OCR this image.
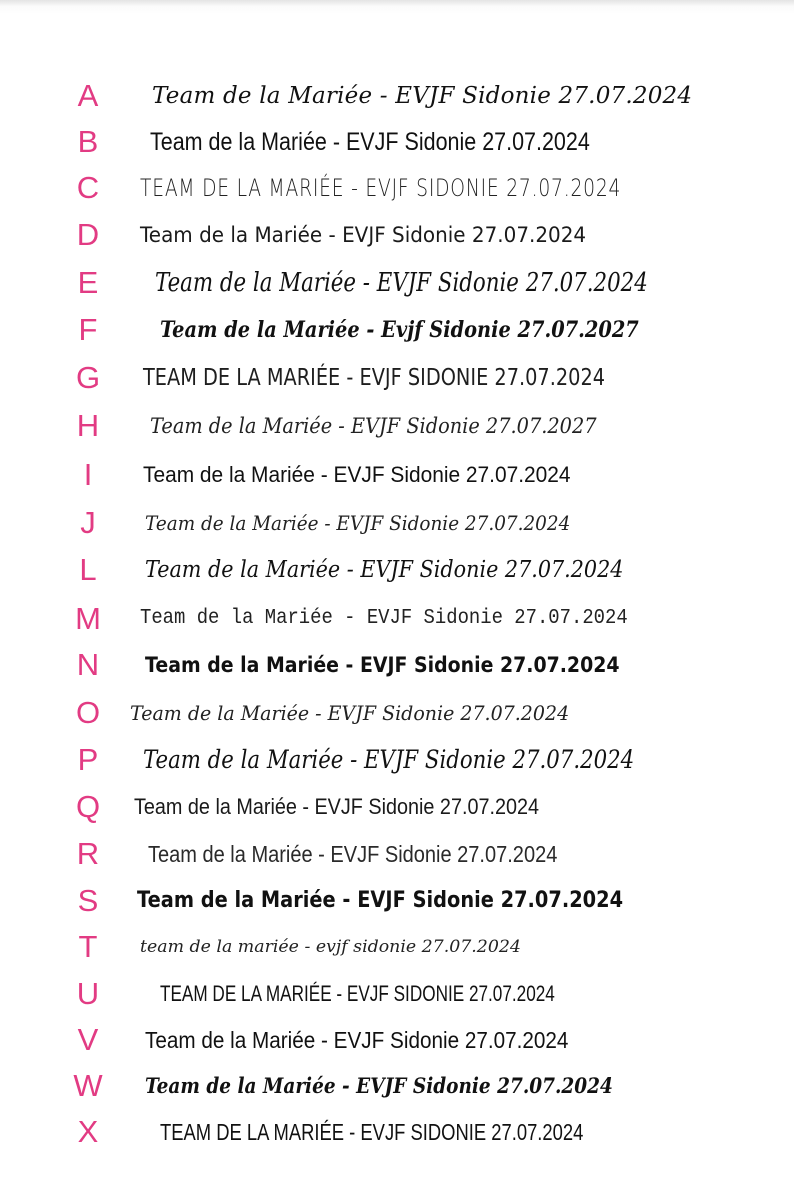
A	Team de la Mariée - EVJF Sidonie 27.07.2024
B	Team de la Mariée - EVJF Sidonie 27.07.2024
C	TEAM DE LA MARIÉE - EVJF SIDONIE 27.07.2024
D	Team de la Mariée - EVJF Sidonie 27.07.2024
E	Team de la Mariée - EVJF Sidonie 27.07.2024
F	Team de la Mariée - Evjf Sidonie 27.07.2027
G	TEAM DE LA MARIÉE - EVJF SIDONIE 27.07.2024
H	Team de la Mariée - EVJF Sidonie 27.07.2027
I	Team de la Mariée - EVJF Sidonie 27.07.2024
J	Team de la Mariée - EVJF Sidonie 27.07.2024
L	Team de la Mariée - EVJF Sidonie 27.07.2024
M	Team de la Mariée - EVJF Sidonie 27.07.2024
N	Team de la Mariée - EVJF Sidonie 27.07.2024
O	Team de la Mariée - EVJF Sidonie 27.07.2024
P	Team de la Mariée - EVJF Sidonie 27.07.2024
Q	Team de la Mariée - EVJF Sidonie 27.07.2024
R	Team de la Mariée - EVJF Sidonie 27.07.2024
S	Team de la Mariée - EVJF Sidonie 27.07.2024
T	team de la mariée - evjf sidonie 27.07.2024
U	TEAM DE LA MARIÉE - EVJF SIDONIE 27.07.2024
V	Team de la Mariée - EVJF Sidonie 27.07.2024
W	Team de la Mariée - EVJF Sidonie 27.07.2024
X	TEAM DE LA MARIÉE - EVJF SIDONIE 27.07.2024
